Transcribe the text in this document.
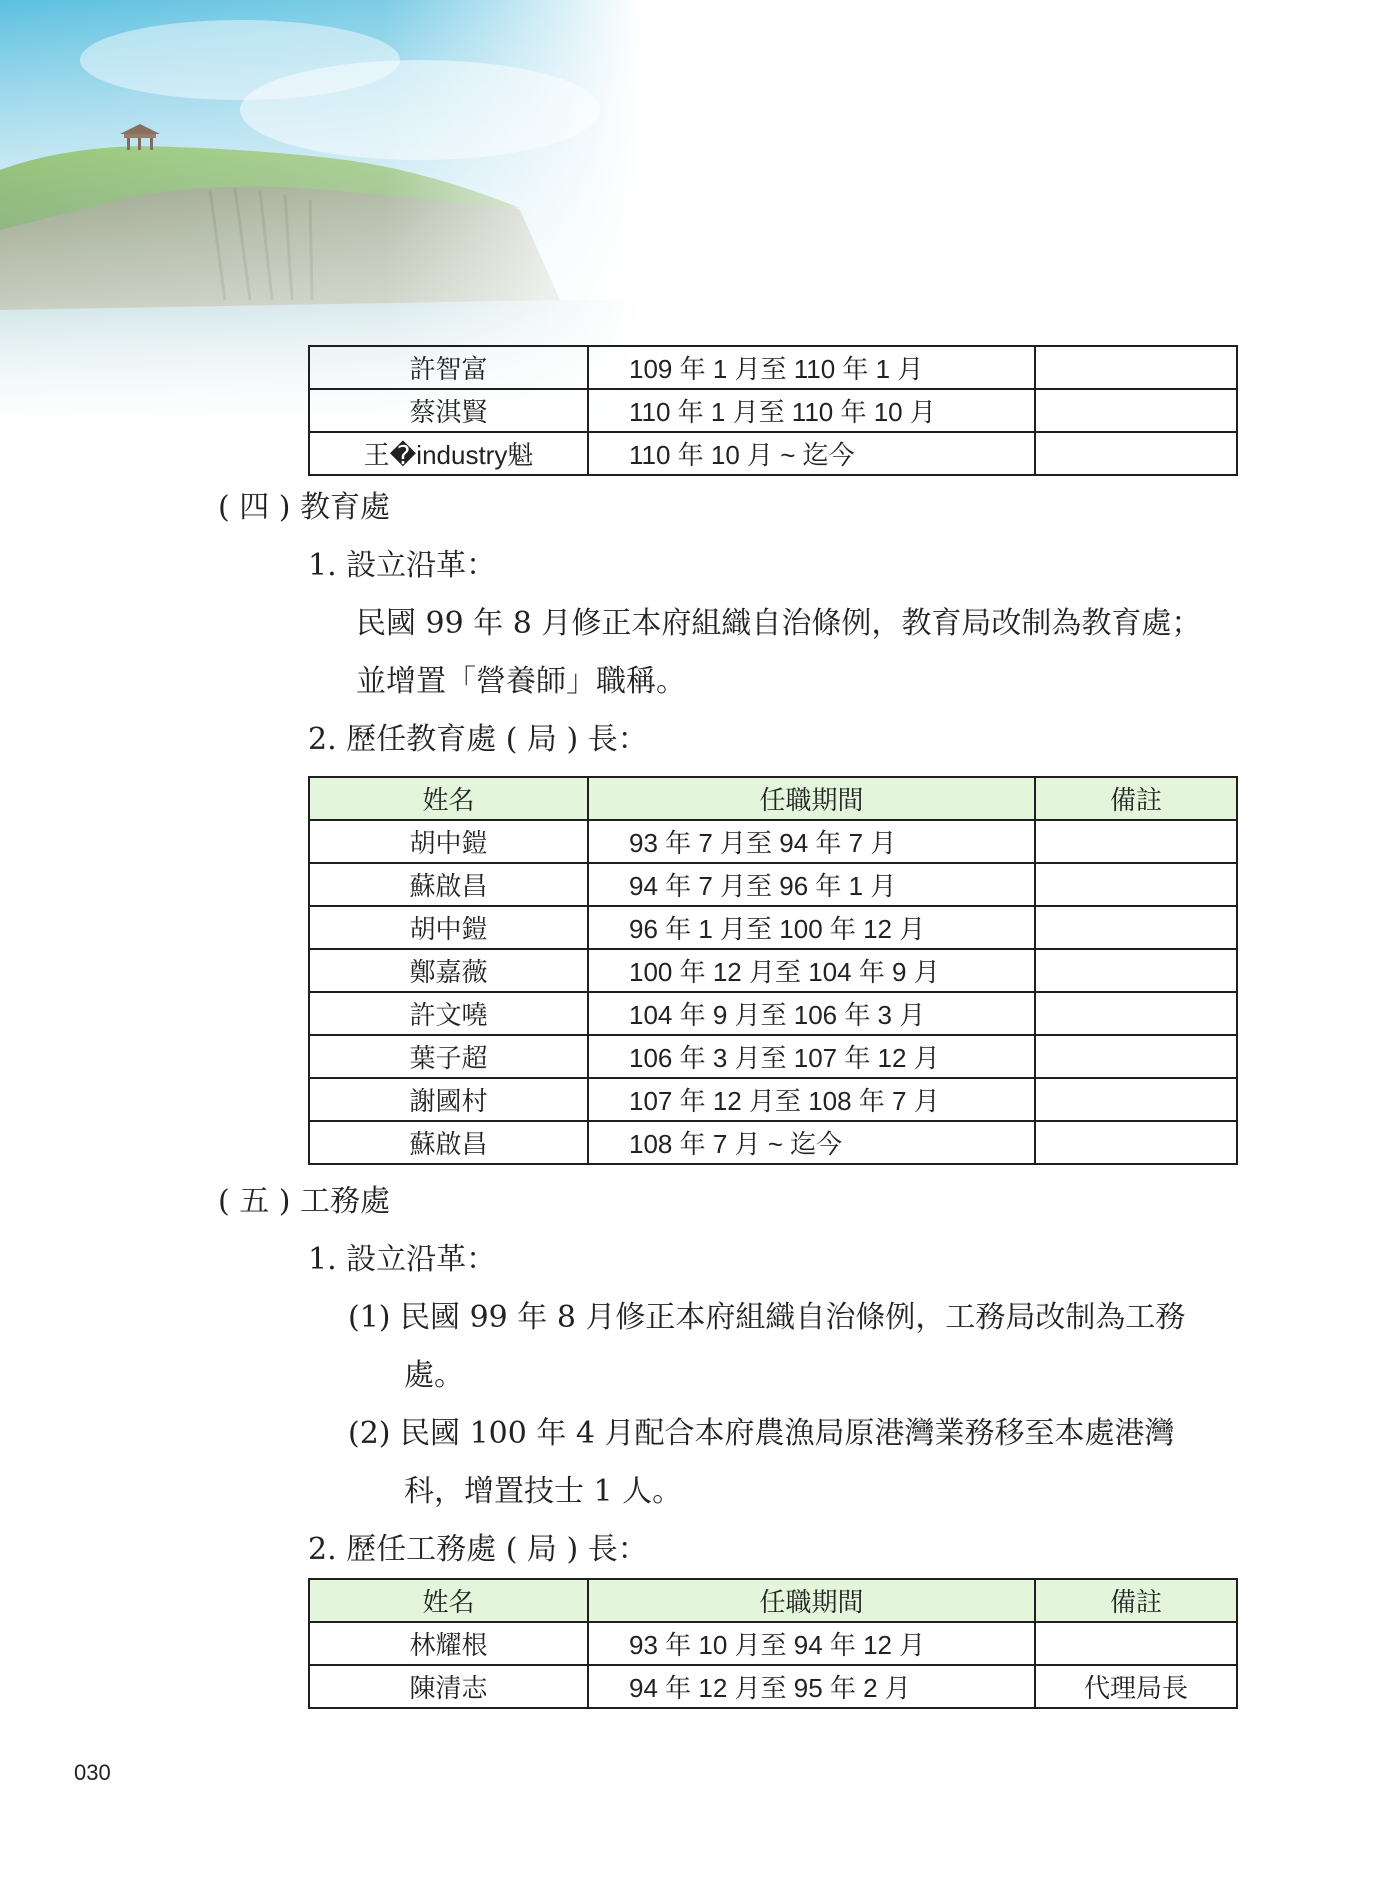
許智富	109 年 1 月至 110 年 1 月	
蔡淇賢	110 年 1 月至 110 年 10 月	
王�industry魁	110 年 10 月 ~ 迄今	
( 四 ) 教育處
1. 設立沿革：
民國 99 年 8 月修正本府組織自治條例，教育局改制為教育處；
並增置「營養師」職稱。
2. 歷任教育處 ( 局 ) 長：
姓名	任職期間	備註
胡中鎧	93 年 7 月至 94 年 7 月	
蘇啟昌	94 年 7 月至 96 年 1 月	
胡中鎧	96 年 1 月至 100 年 12 月	
鄭嘉薇	100 年 12 月至 104 年 9 月	
許文嘵	104 年 9 月至 106 年 3 月	
葉子超	106 年 3 月至 107 年 12 月	
謝國村	107 年 12 月至 108 年 7 月	
蘇啟昌	108 年 7 月 ~ 迄今	
( 五 ) 工務處
1. 設立沿革：
(1) 民國 99 年 8 月修正本府組織自治條例，工務局改制為工務
處。
(2) 民國 100 年 4 月配合本府農漁局原港灣業務移至本處港灣
科，增置技士 1 人。
2. 歷任工務處 ( 局 ) 長：
姓名	任職期間	備註
林耀根	93 年 10 月至 94 年 12 月	
陳清志	94 年 12 月至 95 年 2 月	代理局長
030
